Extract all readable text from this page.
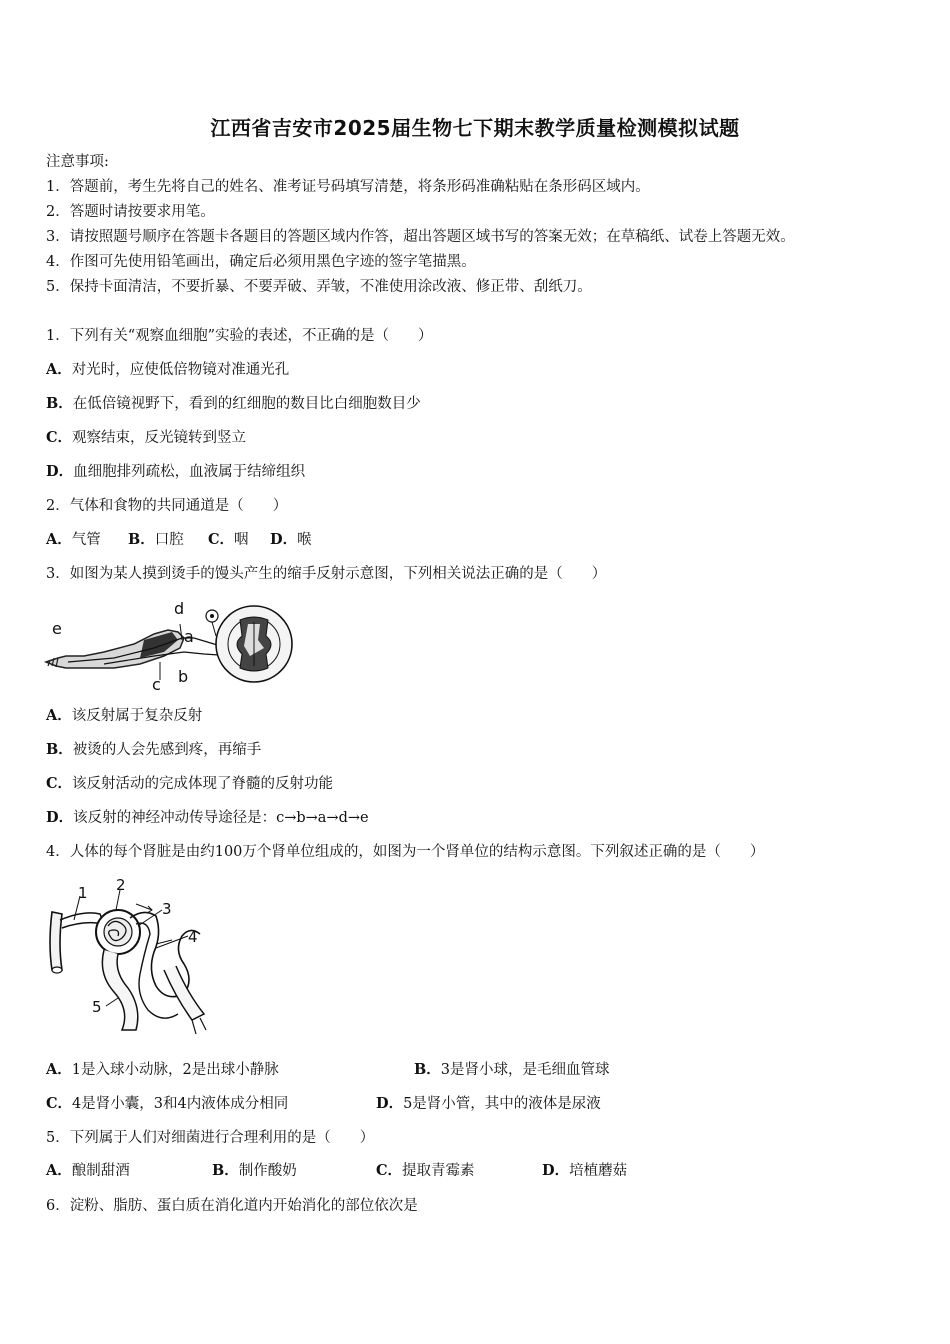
江西省吉安市2025届生物七下期末教学质量检测模拟试题
注意事项:
1．答题前，考生先将自己的姓名、准考证号码填写清楚，将条形码准确粘贴在条形码区域内。
2．答题时请按要求用笔。
3．请按照题号顺序在答题卡各题目的答题区域内作答，超出答题区域书写的答案无效；在草稿纸、试卷上答题无效。
4．作图可先使用铅笔画出，确定后必须用黑色字迹的签字笔描黑。
5．保持卡面清洁，不要折暴、不要弄破、弄皱，不准使用涂改液、修正带、刮纸刀。
1．下列有关“观察血细胞”实验的表述，不正确的是（　　）
A．对光时，应使低倍物镜对准通光孔
B．在低倍镜视野下，看到的红细胞的数目比白细胞数目少
C．观察结束，反光镜转到竖立
D．血细胞排列疏松，血液属于结缔组织
2．气体和食物的共同通道是（　　）
A．气管 B．口腔 C．咽 D．喉
3．如图为某人摸到烫手的馒头产生的缩手反射示意图，下列相关说法正确的是（　　）
e
d
a
c b
A．该反射属于复杂反射
B．被烫的人会先感到疼，再缩手
C．该反射活动的完成体现了脊髓的反射功能
D．该反射的神经冲动传导途径是：c→b→a→d→e
4．人体的每个肾脏是由约100万个肾单位组成的，如图为一个肾单位的结构示意图。下列叙述正确的是（　　）
1 2
3
4
5
A．1是入球小动脉，2是出球小静脉	B．3是肾小球，是毛细血管球
C．4是肾小囊，3和4内液体成分相同	D．5是肾小管，其中的液体是尿液
5．下列属于人们对细菌进行合理利用的是（　　）
A．酿制甜酒	B．制作酸奶	C．提取青霉素	D．培植蘑菇
6．淀粉、脂肪、蛋白质在消化道内开始消化的部位依次是
